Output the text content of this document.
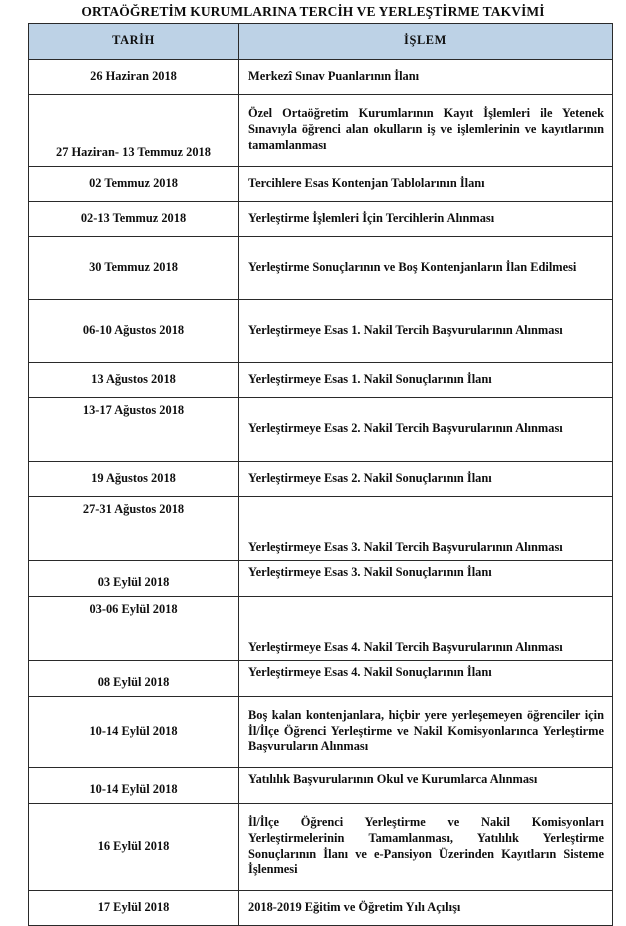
ORTAÖĞRETİM KURUMLARINA TERCİH VE YERLEŞTİRME TAKVİMİ
TARİH	İŞLEM
26 Haziran 2018	Merkezî Sınav Puanlarının İlanı
27 Haziran- 13 Temmuz 2018	Özel Ortaöğretim Kurumlarının Kayıt İşlemleri ile Yetenek Sınavıyla öğrenci alan okulların iş ve işlemlerinin ve kayıtlarının tamamlanması
02 Temmuz 2018	Tercihlere Esas Kontenjan Tablolarının İlanı
02-13 Temmuz 2018	Yerleştirme İşlemleri İçin Tercihlerin Alınması
30 Temmuz 2018	Yerleştirme Sonuçlarının ve Boş Kontenjanların İlan Edilmesi
06-10 Ağustos 2018	Yerleştirmeye Esas 1. Nakil Tercih Başvurularının Alınması
13 Ağustos 2018	Yerleştirmeye Esas 1. Nakil Sonuçlarının İlanı
13-17 Ağustos 2018	Yerleştirmeye Esas 2. Nakil Tercih Başvurularının Alınması
19 Ağustos 2018	Yerleştirmeye Esas 2. Nakil Sonuçlarının İlanı
27-31 Ağustos 2018	Yerleştirmeye Esas 3. Nakil Tercih Başvurularının Alınması
03 Eylül 2018	Yerleştirmeye Esas 3. Nakil Sonuçlarının İlanı
03-06 Eylül 2018	Yerleştirmeye Esas 4. Nakil Tercih Başvurularının Alınması
08 Eylül 2018	Yerleştirmeye Esas 4. Nakil Sonuçlarının İlanı
10-14 Eylül 2018	Boş kalan kontenjanlara, hiçbir yere yerleşemeyen öğrenciler için İl/İlçe Öğrenci Yerleştirme ve Nakil Komisyonlarınca Yerleştirme Başvuruların Alınması
10-14 Eylül 2018	Yatılılık Başvurularının Okul ve Kurumlarca Alınması
16 Eylül 2018	İl/İlçe Öğrenci Yerleştirme ve Nakil Komisyonları Yerleştirmelerinin Tamamlanması, Yatılılık Yerleştirme Sonuçlarının İlanı ve e-Pansiyon Üzerinden Kayıtların Sisteme İşlenmesi
17 Eylül 2018	2018-2019 Eğitim ve Öğretim Yılı Açılışı
